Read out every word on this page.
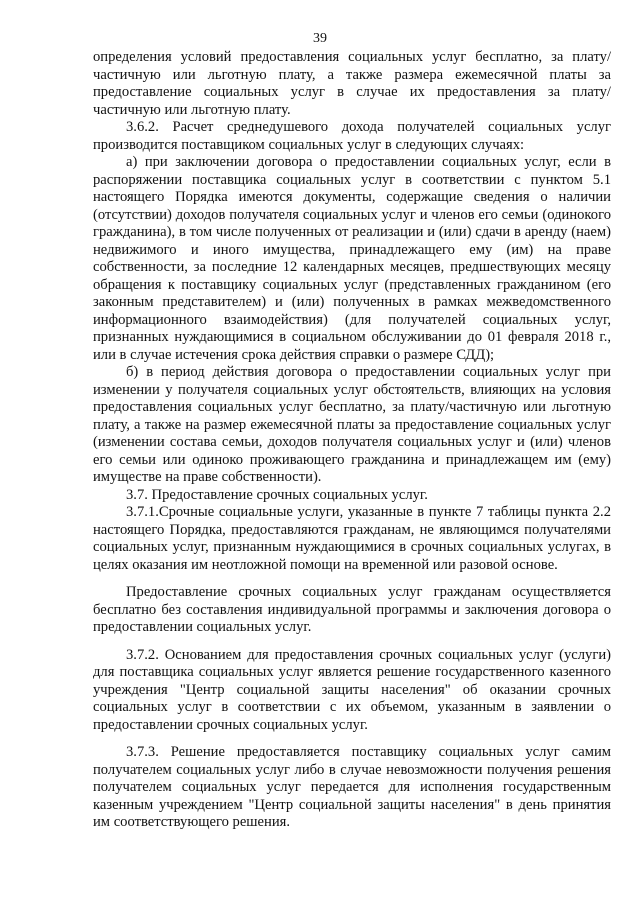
39

определения условий предоставления социальных услуг бесплатно, за плату/частичную или льготную плату, а также размера ежемесячной платы за предоставление социальных услуг в случае их предоставления за плату/ частичную или льготную плату.

3.6.2. Расчет среднедушевого дохода получателей социальных услуг производится поставщиком социальных услуг в следующих случаях:

а) при заключении договора о предоставлении социальных услуг, если в распоряжении поставщика социальных услуг в соответствии с пунктом 5.1 настоящего Порядка имеются документы, содержащие сведения о наличии (отсутствии) доходов получателя социальных услуг и членов его семьи (одинокого гражданина), в том числе полученных от реализации и (или) сдачи в аренду (наем) недвижимого и иного имущества, принадлежащего ему (им) на праве собственности, за последние 12 календарных месяцев, предшествующих месяцу обращения к поставщику социальных услуг (представленных гражданином (его законным представителем) и (или) полученных в рамках межведомственного информационного взаимодействия) (для получателей социальных услуг, признанных нуждающимися в социальном обслуживании до 01 февраля 2018 г., или в случае истечения срока действия справки о размере СДД);

б) в период действия договора о предоставлении социальных услуг при изменении у получателя социальных услуг обстоятельств, влияющих на условия предоставления социальных услуг бесплатно, за плату/частичную или льготную плату, а также на размер ежемесячной платы за предоставление социальных услуг (изменении состава семьи, доходов получателя социальных услуг и (или) членов его семьи или одиноко проживающего гражданина и принадлежащем им (ему) имуществе на праве собственности).

3.7. Предоставление срочных социальных услуг.

3.7.1.Срочные социальные услуги, указанные в пункте 7 таблицы пункта 2.2 настоящего Порядка, предоставляются гражданам, не являющимся получателями социальных услуг, признанным нуждающимися в срочных социальных услугах, в целях оказания им неотложной помощи на временной или разовой основе.

Предоставление срочных социальных услуг гражданам осуществляется бесплатно без составления индивидуальной программы и заключения договора о предоставлении социальных услуг.

3.7.2. Основанием для предоставления срочных социальных услуг (услуги) для поставщика социальных услуг является решение государственного казенного учреждения "Центр социальной защиты населения" об оказании срочных социальных услуг в соответствии с их объемом, указанным в заявлении о предоставлении срочных социальных услуг.

3.7.3. Решение предоставляется поставщику социальных услуг самим получателем социальных услуг либо в случае невозможности получения решения получателем социальных услуг передается для исполнения государственным казенным учреждением "Центр социальной защиты населения" в день принятия им соответствующего решения.
